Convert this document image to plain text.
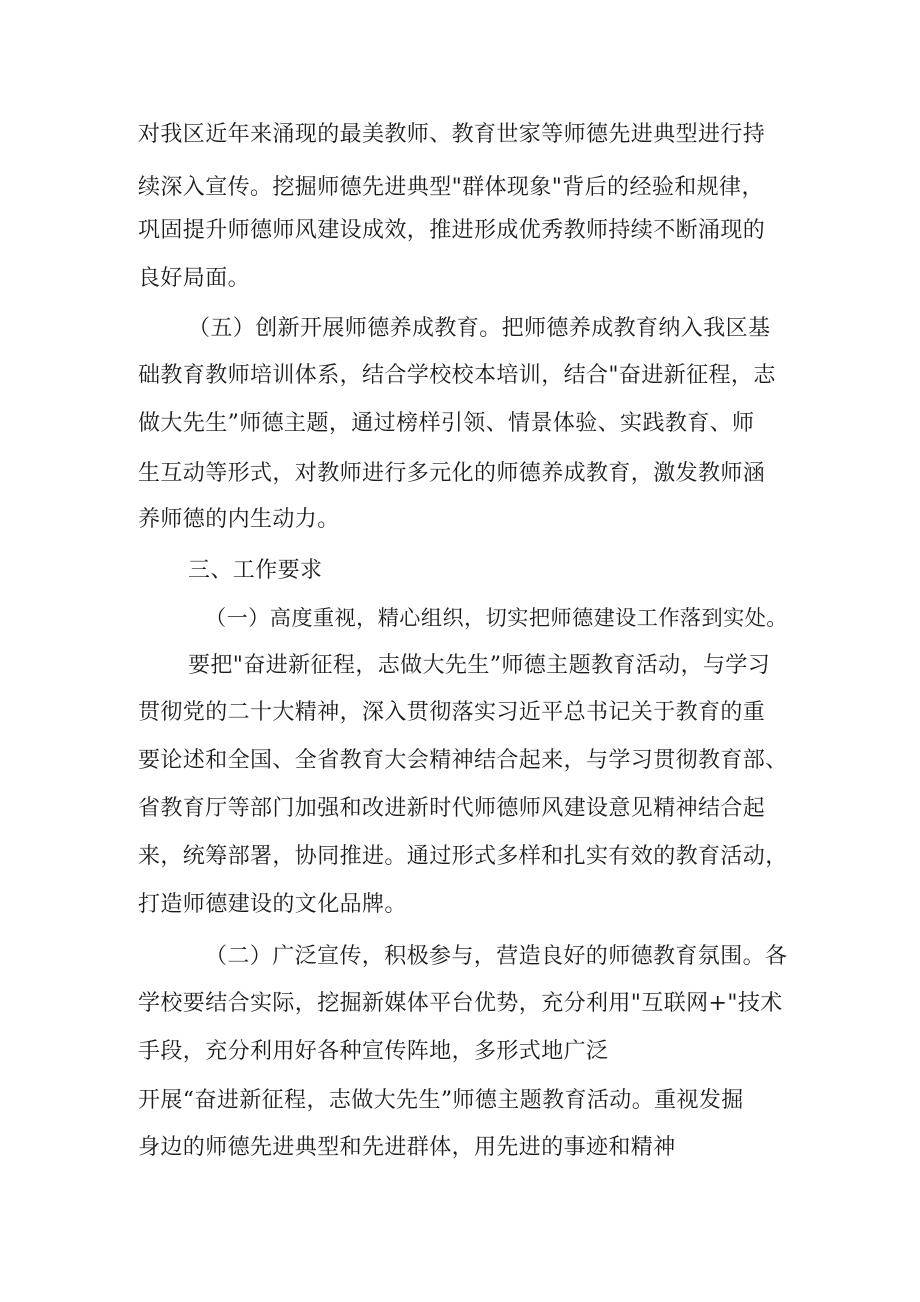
对我区近年来涌现的最美教师、教育世家等师德先进典型进行持
续深入宣传。挖掘师德先进典型"群体现象"背后的经验和规律，
巩固提升师德师风建设成效，推进形成优秀教师持续不断涌现的
良好局面。
（五）创新开展师德养成教育。把师德养成教育纳入我区基
础教育教师培训体系，结合学校校本培训，结合"奋进新征程，志
做大先生”师德主题，通过榜样引领、情景体验、实践教育、师
生互动等形式，对教师进行多元化的师德养成教育，激发教师涵
养师德的内生动力。
三、工作要求
（一）高度重视，精心组织，切实把师德建设工作落到实处。
要把"奋进新征程，志做大先生”师德主题教育活动，与学习
贯彻党的二十大精神，深入贯彻落实习近平总书记关于教育的重
要论述和全国、全省教育大会精神结合起来，与学习贯彻教育部、
省教育厅等部门加强和改进新时代师德师风建设意见精神结合起
来，统筹部署，协同推进。通过形式多样和扎实有效的教育活动，
打造师德建设的文化品牌。
（二）广泛宣传，积极参与，营造良好的师德教育氛围。各
学校要结合实际，挖掘新媒体平台优势，充分利用"互联网+"技术
手段，充分利用好各种宣传阵地，多形式地广泛
开展“奋进新征程，志做大先生”师德主题教育活动。重视发掘
身边的师德先进典型和先进群体，用先进的事迹和精神
